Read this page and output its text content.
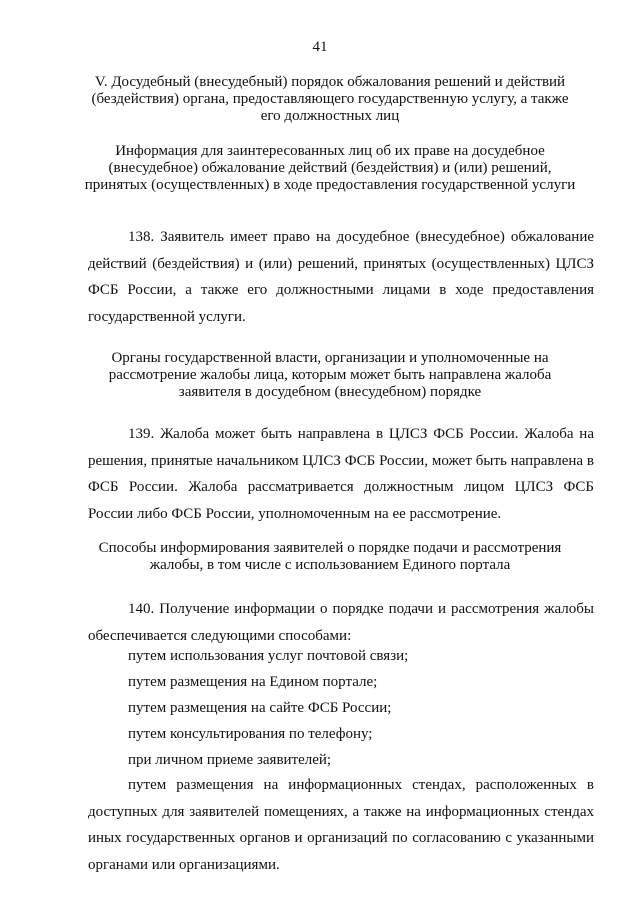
41
V. Досудебный (внесудебный) порядок обжалования решений и действий (бездействия) органа, предоставляющего государственную услугу, а также его должностных лиц
Информация для заинтересованных лиц об их праве на досудебное (внесудебное) обжалование действий (бездействия) и (или) решений, принятых (осуществленных) в ходе предоставления государственной услуги
138. Заявитель имеет право на досудебное (внесудебное) обжалование действий (бездействия) и (или) решений, принятых (осуществленных) ЦЛСЗ ФСБ России, а также его должностными лицами в ходе предоставления государственной услуги.
Органы государственной власти, организации и уполномоченные на рассмотрение жалобы лица, которым может быть направлена жалоба заявителя в досудебном (внесудебном) порядке
139. Жалоба может быть направлена в ЦЛСЗ ФСБ России. Жалоба на решения, принятые начальником ЦЛСЗ ФСБ России, может быть направлена в ФСБ России. Жалоба рассматривается должностным лицом ЦЛСЗ ФСБ России либо ФСБ России, уполномоченным на ее рассмотрение.
Способы информирования заявителей о порядке подачи и рассмотрения жалобы, в том числе с использованием Единого портала
140. Получение информации о порядке подачи и рассмотрения жалобы обеспечивается следующими способами:
путем использования услуг почтовой связи;
путем размещения на Едином портале;
путем размещения на сайте ФСБ России;
путем консультирования по телефону;
при личном приеме заявителей;
путем размещения на информационных стендах, расположенных в доступных для заявителей помещениях, а также на информационных стендах иных государственных органов и организаций по согласованию с указанными органами или организациями.
